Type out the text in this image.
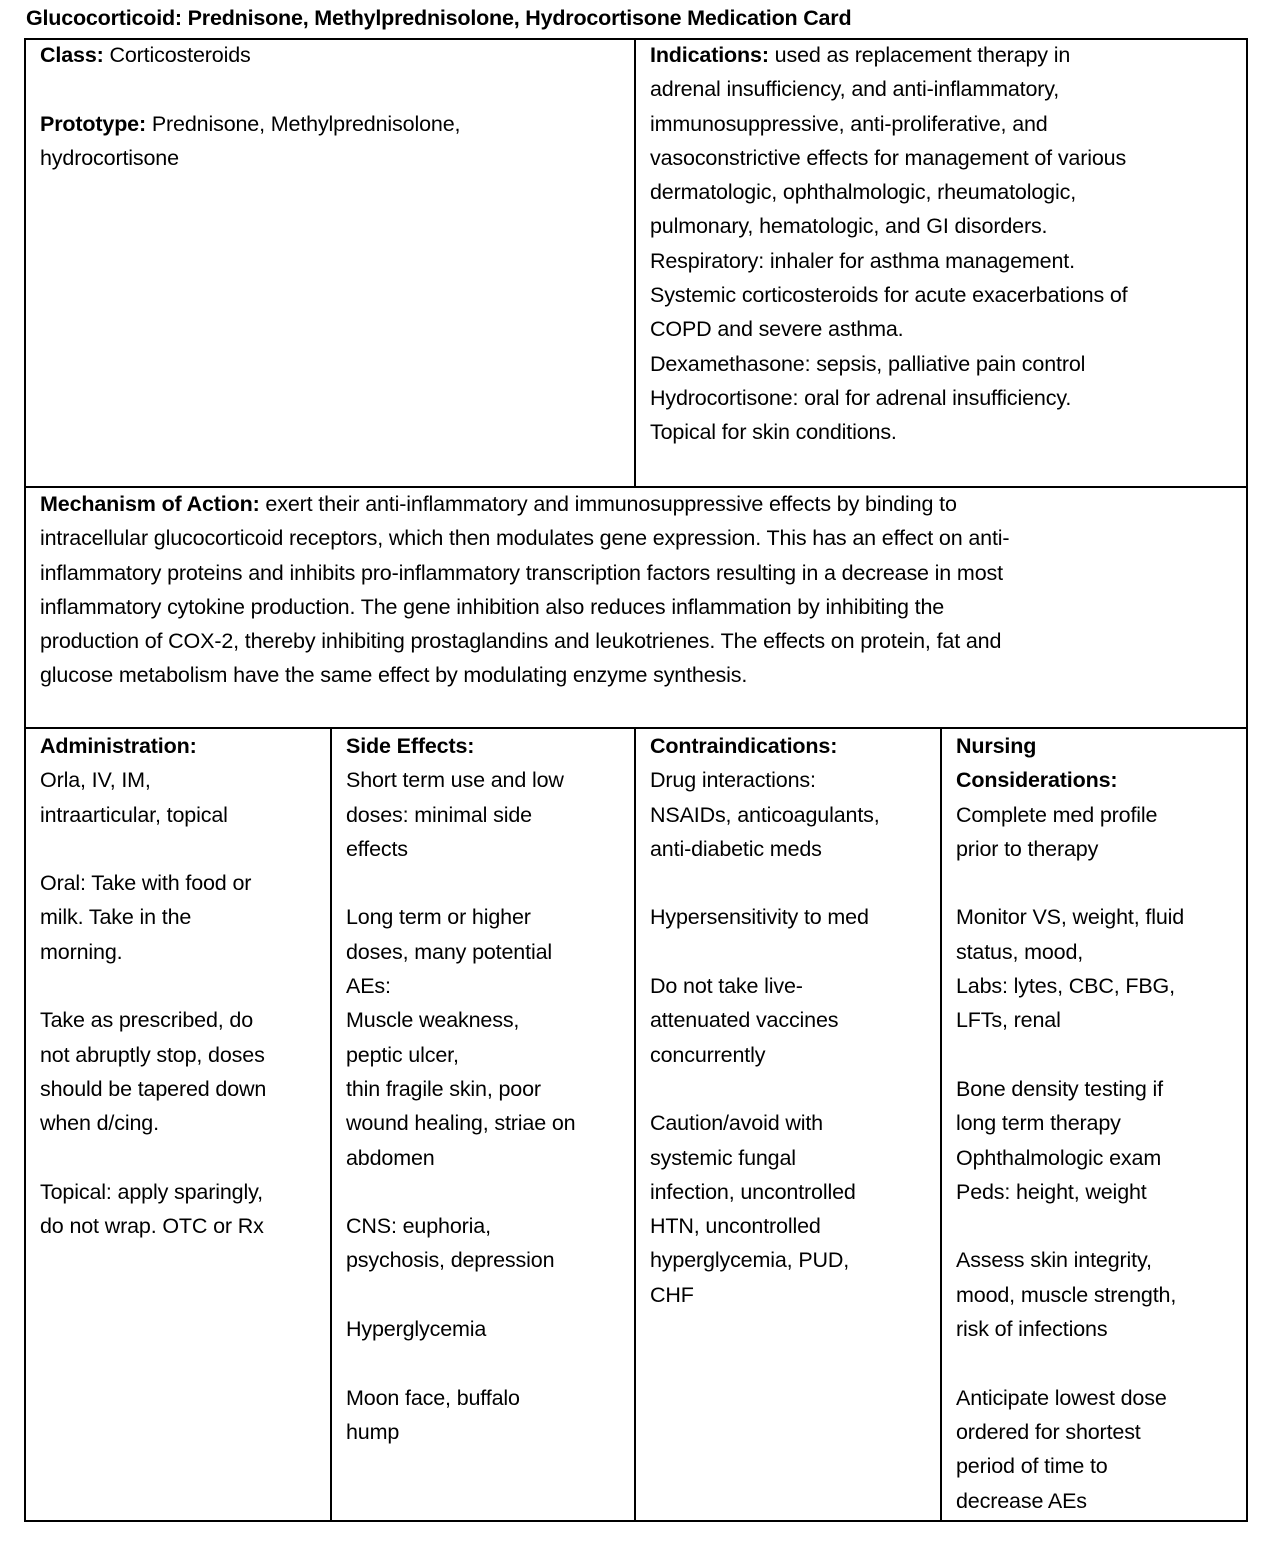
Glucocorticoid: Prednisone, Methylprednisolone, Hydrocortisone Medication Card
Class: Corticosteroids
Prototype: Prednisone, Methylprednisolone,
hydrocortisone
Indications: used as replacement therapy in
adrenal insufficiency, and anti-inflammatory,
immunosuppressive, anti-proliferative, and
vasoconstrictive effects for management of various
dermatologic, ophthalmologic, rheumatologic,
pulmonary, hematologic, and GI disorders.
Respiratory: inhaler for asthma management.
Systemic corticosteroids for acute exacerbations of
COPD and severe asthma.
Dexamethasone: sepsis, palliative pain control
Hydrocortisone: oral for adrenal insufficiency.
Topical for skin conditions.
Mechanism of Action: exert their anti-inflammatory and immunosuppressive effects by binding to
intracellular glucocorticoid receptors, which then modulates gene expression. This has an effect on anti-
inflammatory proteins and inhibits pro-inflammatory transcription factors resulting in a decrease in most
inflammatory cytokine production. The gene inhibition also reduces inflammation by inhibiting the
production of COX-2, thereby inhibiting prostaglandins and leukotrienes. The effects on protein, fat and
glucose metabolism have the same effect by modulating enzyme synthesis.
Administration:
Orla, IV, IM,
intraarticular, topical
Oral: Take with food or
milk. Take in the
morning.
Take as prescribed, do
not abruptly stop, doses
should be tapered down
when d/cing.
Topical: apply sparingly,
do not wrap. OTC or Rx
Side Effects:
Short term use and low
doses: minimal side
effects
Long term or higher
doses, many potential
AEs:
Muscle weakness,
peptic ulcer,
thin fragile skin, poor
wound healing, striae on
abdomen
CNS: euphoria,
psychosis, depression
Hyperglycemia
Moon face, buffalo
hump
Contraindications:
Drug interactions:
NSAIDs, anticoagulants,
anti-diabetic meds
Hypersensitivity to med
Do not take live-
attenuated vaccines
concurrently
Caution/avoid with
systemic fungal
infection, uncontrolled
HTN, uncontrolled
hyperglycemia, PUD,
CHF
Nursing
Considerations:
Complete med profile
prior to therapy
Monitor VS, weight, fluid
status, mood,
Labs: lytes, CBC, FBG,
LFTs, renal
Bone density testing if
long term therapy
Ophthalmologic exam
Peds: height, weight
Assess skin integrity,
mood, muscle strength,
risk of infections
Anticipate lowest dose
ordered for shortest
period of time to
decrease AEs
